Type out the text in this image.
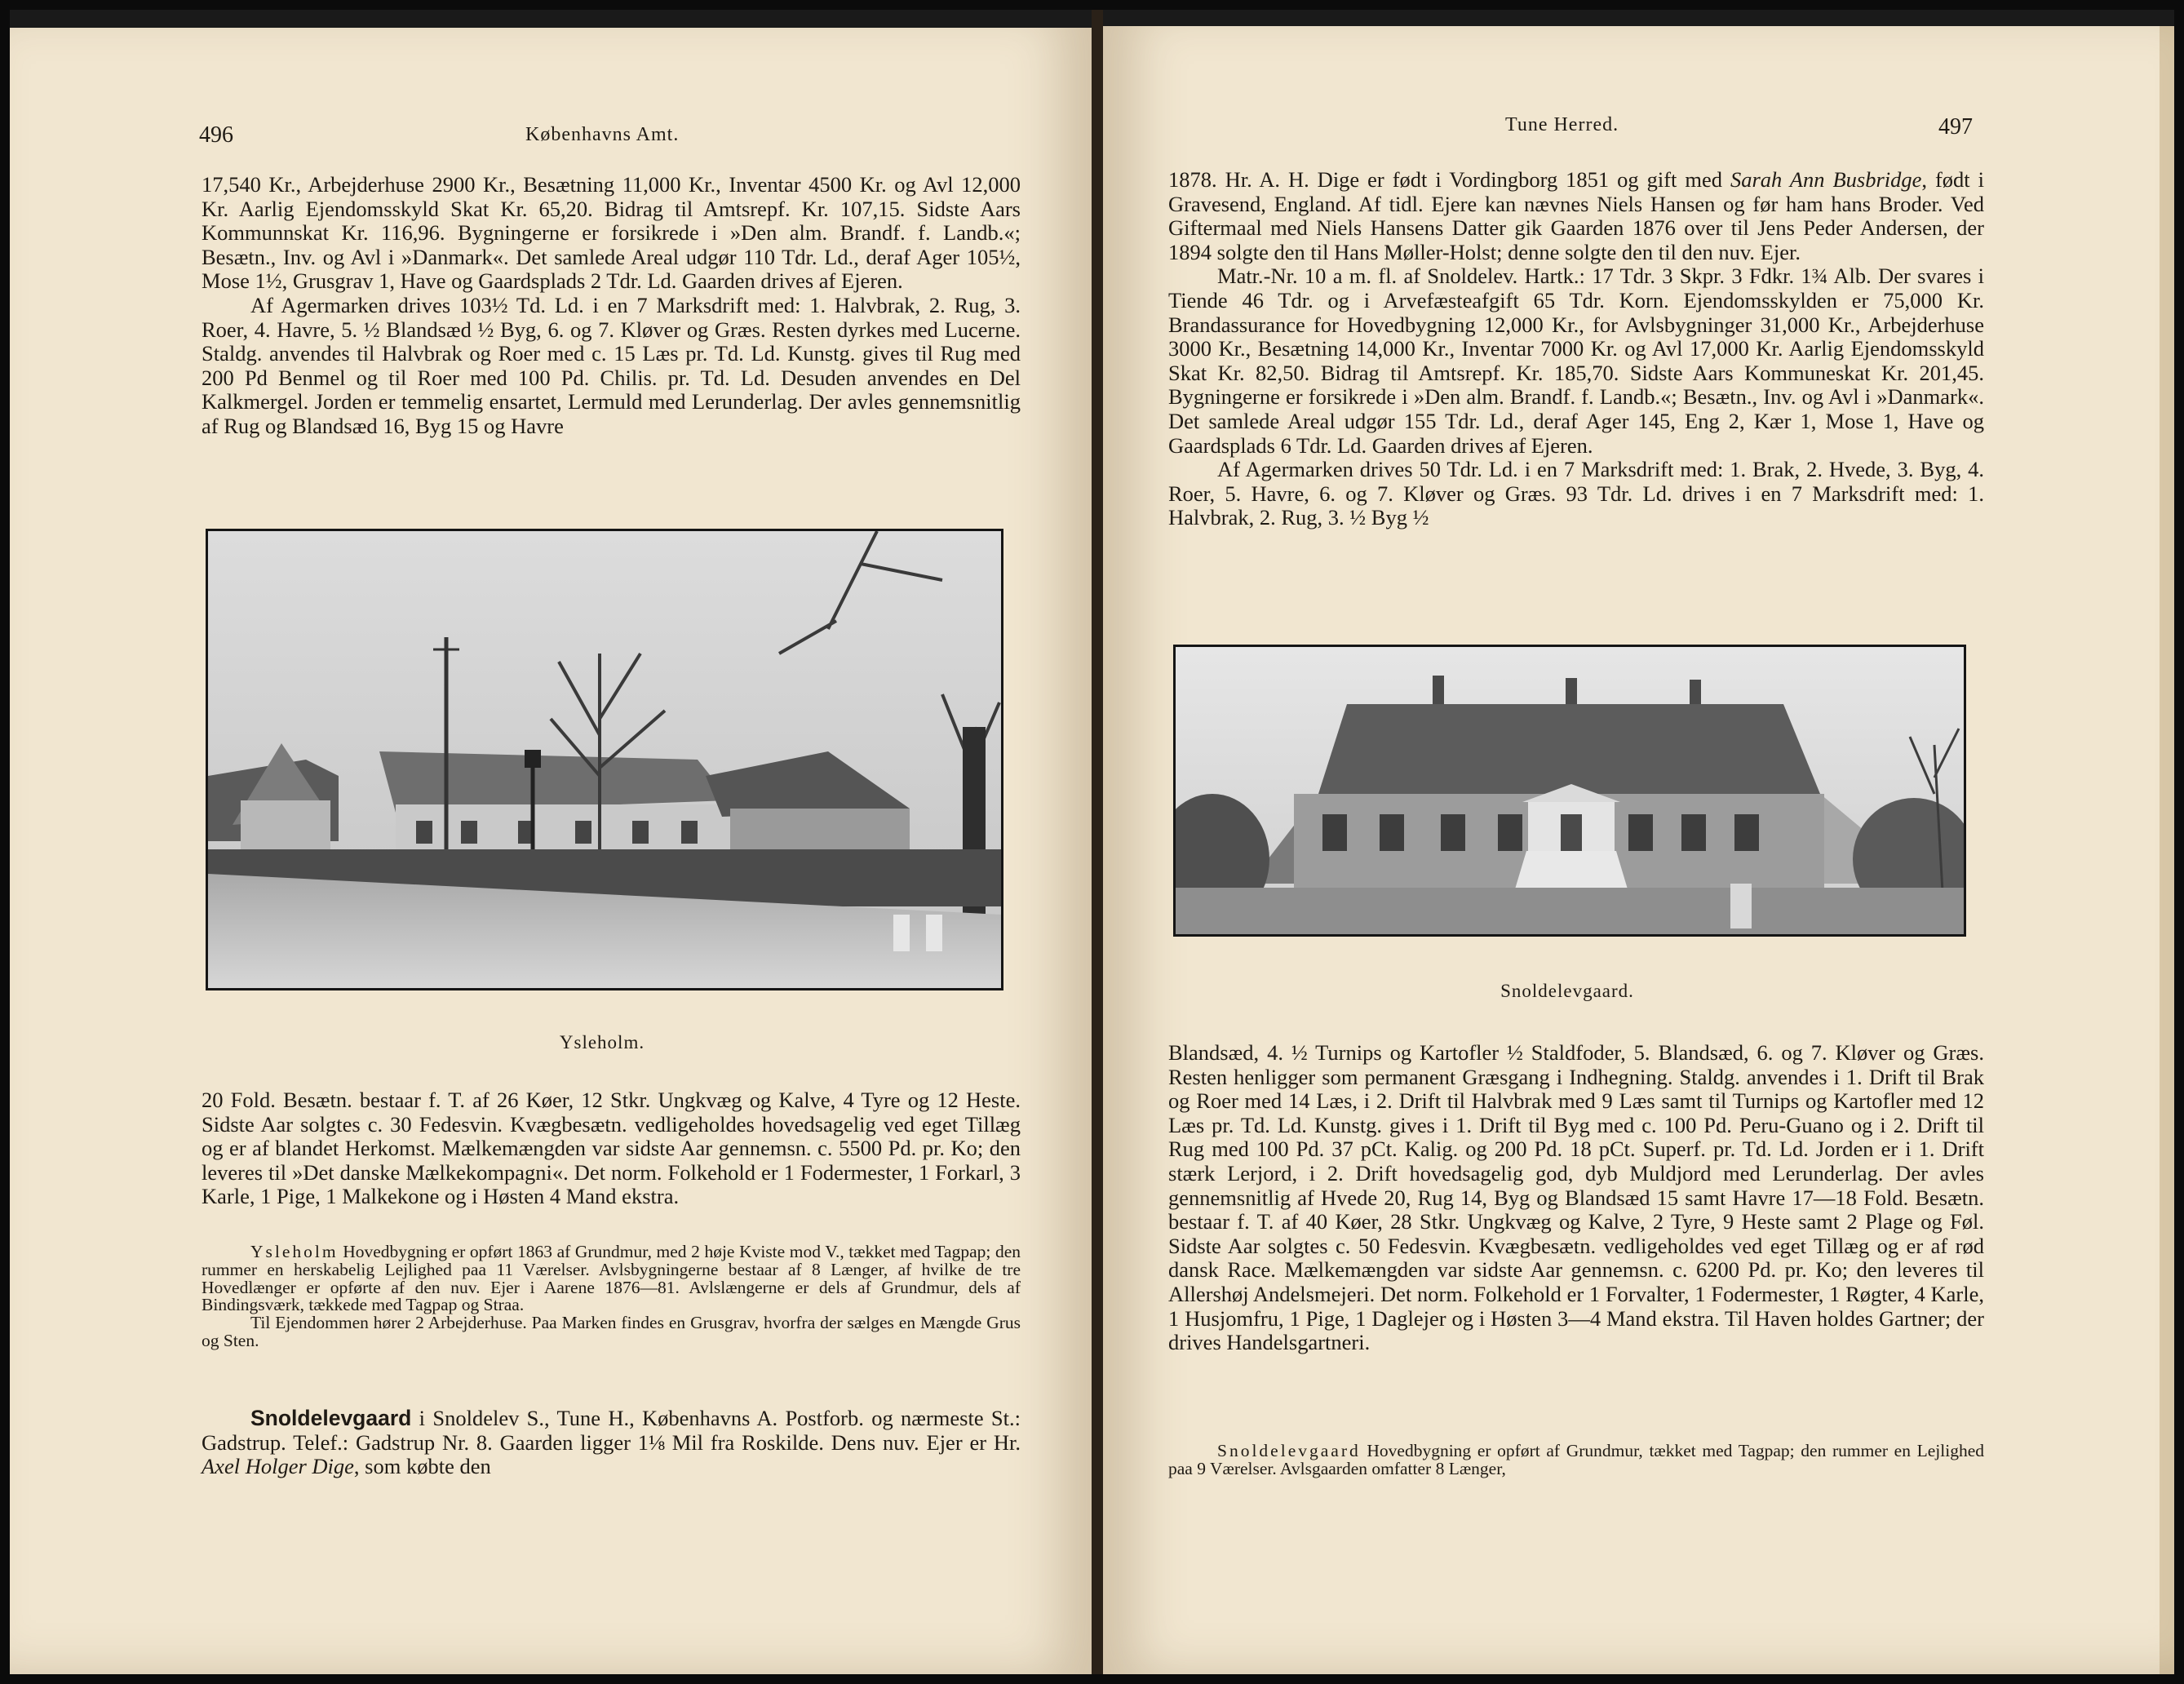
496	Københavns Amt.

17,540 Kr., Arbejderhuse 2900 Kr., Besætning 11,000 Kr., Inventar 4500 Kr. og Avl 12,000 Kr. Aarlig Ejendomsskyld Skat Kr. 65,20. Bidrag til Amtsrepf. Kr. 107,15. Sidste Aars Kommunnskat Kr. 116,96. Bygningerne er forsikrede i »Den alm. Brandf. f. Landb.«; Besætn., Inv. og Avl i »Danmark«. Det samlede Areal udgør 110 Tdr. Ld., deraf Ager 105½, Mose 1½, Grusgrav 1, Have og Gaardsplads 2 Tdr. Ld. Gaarden drives af Ejeren.

Af Agermarken drives 103½ Td. Ld. i en 7 Marksdrift med: 1. Halvbrak, 2. Rug, 3. Roer, 4. Havre, 5. ½ Blandsæd ½ Byg, 6. og 7. Kløver og Græs. Resten dyrkes med Lucerne. Staldg. anvendes til Halvbrak og Roer med c. 15 Læs pr. Td. Ld. Kunstg. gives til Rug med 200 Pd Benmel og til Roer med 100 Pd. Chilis. pr. Td. Ld. Desuden anvendes en Del Kalkmergel. Jorden er temmelig ensartet, Lermuld med Lerunderlag. Der avles gennemsnitlig af Rug og Blandsæd 16, Byg 15 og Havre

Ysleholm.

20 Fold. Besætn. bestaar f. T. af 26 Køer, 12 Stkr. Ungkvæg og Kalve, 4 Tyre og 12 Heste. Sidste Aar solgtes c. 30 Fedesvin. Kvægbesætn. vedligeholdes hovedsagelig ved eget Tillæg og er af blandet Herkomst. Mælkemængden var sidste Aar gennemsn. c. 5500 Pd. pr. Ko; den leveres til »Det danske Mælkekompagni«. Det norm. Folkehold er 1 Fodermester, 1 Forkarl, 3 Karle, 1 Pige, 1 Malkekone og i Høsten 4 Mand ekstra.

Ysleholm Hovedbygning er opført 1863 af Grundmur, med 2 høje Kviste mod V., tækket med Tagpap; den rummer en herskabelig Lejlighed paa 11 Værelser. Avlsbygningerne bestaar af 8 Længer, af hvilke de tre Hovedlænger er opførte af den nuv. Ejer i Aarene 1876—81. Avlslængerne er dels af Grundmur, dels af Bindingsværk, tækkede med Tagpap og Straa.

Til Ejendommen hører 2 Arbejderhuse. Paa Marken findes en Grusgrav, hvorfra der sælges en Mængde Grus og Sten.

Snoldelevgaard i Snoldelev S., Tune H., Københavns A. Postforb. og nærmeste St.: Gadstrup. Telef.: Gadstrup Nr. 8. Gaarden ligger 1⅛ Mil fra Roskilde. Dens nuv. Ejer er Hr. Axel Holger Dige, som købte den

Tune Herred.	497

1878. Hr. A. H. Dige er født i Vordingborg 1851 og gift med Sarah Ann Busbridge, født i Gravesend, England. Af tidl. Ejere kan nævnes Niels Hansen og før ham hans Broder. Ved Giftermaal med Niels Hansens Datter gik Gaarden 1876 over til Jens Peder Andersen, der 1894 solgte den til Hans Møller-Holst; denne solgte den til den nuv. Ejer.

Matr.-Nr. 10 a m. fl. af Snoldelev. Hartk.: 17 Tdr. 3 Skpr. 3 Fdkr. 1¾ Alb. Der svares i Tiende 46 Tdr. og i Arvefæsteafgift 65 Tdr. Korn. Ejendomsskylden er 75,000 Kr. Brandassurance for Hovedbygning 12,000 Kr., for Avlsbygninger 31,000 Kr., Arbejderhuse 3000 Kr., Besætning 14,000 Kr., Inventar 7000 Kr. og Avl 17,000 Kr. Aarlig Ejendomsskyld Skat Kr. 82,50. Bidrag til Amtsrepf. Kr. 185,70. Sidste Aars Kommuneskat Kr. 201,45. Bygningerne er forsikrede i »Den alm. Brandf. f. Landb.«; Besætn., Inv. og Avl i »Danmark«. Det samlede Areal udgør 155 Tdr. Ld., deraf Ager 145, Eng 2, Kær 1, Mose 1, Have og Gaardsplads 6 Tdr. Ld. Gaarden drives af Ejeren.

Af Agermarken drives 50 Tdr. Ld. i en 7 Marksdrift med: 1. Brak, 2. Hvede, 3. Byg, 4. Roer, 5. Havre, 6. og 7. Kløver og Græs. 93 Tdr. Ld. drives i en 7 Marksdrift med: 1. Halvbrak, 2. Rug, 3. ½ Byg ½

Snoldelevgaard.

Blandsæd, 4. ½ Turnips og Kartofler ½ Staldfoder, 5. Blandsæd, 6. og 7. Kløver og Græs. Resten henligger som permanent Græsgang i Indhegning. Staldg. anvendes i 1. Drift til Brak og Roer med 14 Læs, i 2. Drift til Halvbrak med 9 Læs samt til Turnips og Kartofler med 12 Læs pr. Td. Ld. Kunstg. gives i 1. Drift til Byg med c. 100 Pd. Peru-Guano og i 2. Drift til Rug med 100 Pd. 37 pCt. Kalig. og 200 Pd. 18 pCt. Superf. pr. Td. Ld. Jorden er i 1. Drift stærk Lerjord, i 2. Drift hovedsagelig god, dyb Muldjord med Lerunderlag. Der avles gennemsnitlig af Hvede 20, Rug 14, Byg og Blandsæd 15 samt Havre 17—18 Fold. Besætn. bestaar f. T. af 40 Køer, 28 Stkr. Ungkvæg og Kalve, 2 Tyre, 9 Heste samt 2 Plage og Føl. Sidste Aar solgtes c. 50 Fedesvin. Kvægbesætn. vedligeholdes ved eget Tillæg og er af rød dansk Race. Mælkemængden var sidste Aar gennemsn. c. 6200 Pd. pr. Ko; den leveres til Allershøj Andelsmejeri. Det norm. Folkehold er 1 Forvalter, 1 Fodermester, 1 Røgter, 4 Karle, 1 Husjomfru, 1 Pige, 1 Daglejer og i Høsten 3—4 Mand ekstra. Til Haven holdes Gartner; der drives Handelsgartneri.

Snoldelevgaard Hovedbygning er opført af Grundmur, tækket med Tagpap; den rummer en Lejlighed paa 9 Værelser. Avlsgaarden omfatter 8 Længer,
